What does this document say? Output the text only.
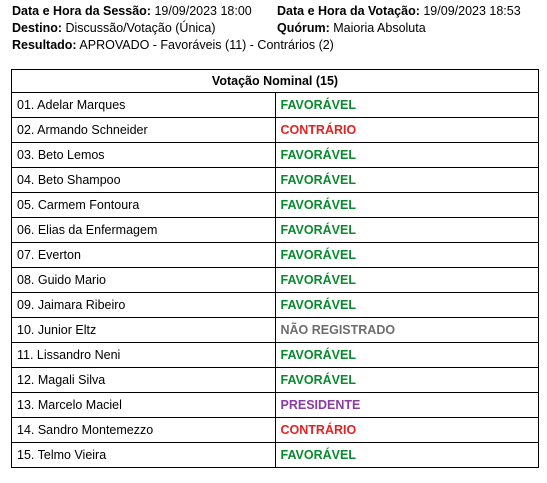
Data e Hora da Sessão: 19/09/2023 18:00 Data e Hora da Votação: 19/09/2023 18:53
Destino: Discussão/Votação (Única)	Quórum: Maioria Absoluta
Resultado: APROVADO - Favoráveis (11) - Contrários (2)
Votação Nominal (15)	
01. Adelar Marques	FAVORÁVEL
02. Armando Schneider	CONTRÁRIO
03. Beto Lemos	FAVORÁVEL
04. Beto Shampoo	FAVORÁVEL
05. Carmem Fontoura	FAVORÁVEL
06. Elias da Enfermagem	FAVORÁVEL
07. Everton	FAVORÁVEL
08. Guido Mario	FAVORÁVEL
09. Jaimara Ribeiro	FAVORÁVEL
10. Junior Eltz	NÃO REGISTRADO
11. Lissandro Neni	FAVORÁVEL
12. Magali Silva	FAVORÁVEL
13. Marcelo Maciel	PRESIDENTE
14. Sandro Montemezzo	CONTRÁRIO
15. Telmo Vieira	FAVORÁVEL
